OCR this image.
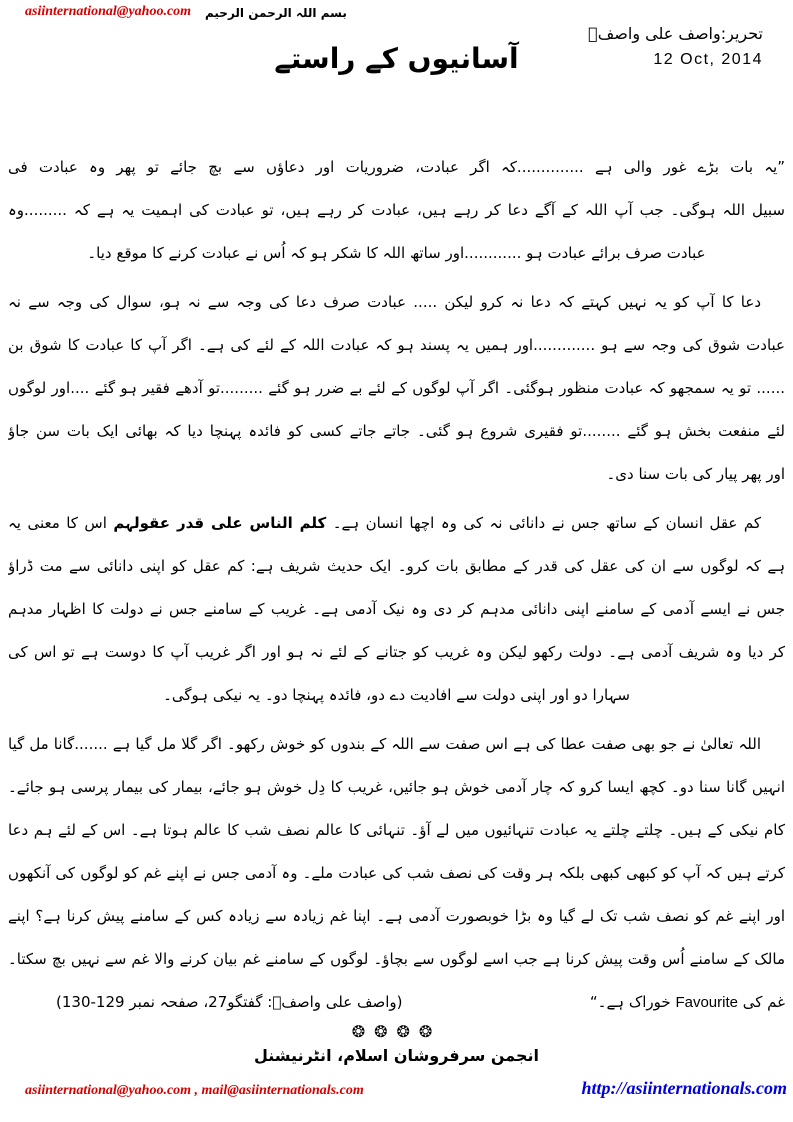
asiinternational@yahoo.com بسم اللہ الرحمن الرحیم
تحریر:واصف علی واصفؒ
12 Oct, 2014
آسانیوں کے راستے
”یہ بات بڑے غور والی ہے ..............کہ اگر عبادت، ضروریات اور دعاؤں سے بچ جائے تو پھر وہ عبادت فی
سبیل اللہ ہوگی۔ جب آپ اللہ کے آگے دعا کر رہے ہیں، عبادت کر رہے ہیں، تو عبادت کی اہمیت یہ ہے کہ .........وہ
عبادت صرف برائے عبادت ہو ............اور ساتھ اللہ کا شکر ہو کہ اُس نے عبادت کرنے کا موقع دیا۔
دعا کا آپ کو یہ نہیں کہتے کہ دعا نہ کرو لیکن ..... عبادت صرف دعا کی وجہ سے نہ ہو، سوال کی وجہ سے نہ
عبادت شوق کی وجہ سے ہو .............اور ہمیں یہ پسند ہو کہ عبادت اللہ کے لئے کی ہے۔ اگر آپ کا عبادت کا شوق بن
...... تو یہ سمجھو کہ عبادت منظور ہوگئی۔ اگر آپ لوگوں کے لئے بے ضرر ہو گئے .........تو آدھے فقیر ہو گئے ....اور لوگوں
لئے منفعت بخش ہو گئے ........تو فقیری شروع ہو گئی۔ جاتے جاتے کسی کو فائدہ پہنچا دیا کہ بھائی ایک بات سن جاؤ
اور پھر پیار کی بات سنا دی۔
کم عقل انسان کے ساتھ جس نے دانائی نہ کی وہ اچھا انسان ہے۔ کلم الناس علی قدر عقولہم اس کا معنی یہ
ہے کہ لوگوں سے ان کی عقل کی قدر کے مطابق بات کرو۔ ایک حدیث شریف ہے: کم عقل کو اپنی دانائی سے مت ڈراؤ
جس نے ایسے آدمی کے سامنے اپنی دانائی مدہم کر دی وہ نیک آدمی ہے۔ غریب کے سامنے جس نے دولت کا اظہار مدہم
کر دیا وہ شریف آدمی ہے۔ دولت رکھو لیکن وہ غریب کو جتانے کے لئے نہ ہو اور اگر غریب آپ کا دوست ہے تو اس کی
سہارا دو اور اپنی دولت سے افادیت دے دو، فائدہ پہنچا دو۔ یہ نیکی ہوگی۔
اللہ تعالیٰ نے جو بھی صفت عطا کی ہے اس صفت سے اللہ کے بندوں کو خوش رکھو۔ اگر گلا مل گیا ہے .......گانا مل گیا
انہیں گانا سنا دو۔ کچھ ایسا کرو کہ چار آدمی خوش ہو جائیں، غریب کا دِل خوش ہو جائے، بیمار کی بیمار پرسی ہو جائے۔
کام نیکی کے ہیں۔ چلتے چلتے یہ عبادت تنہائیوں میں لے آؤ۔ تنہائی کا عالم نصف شب کا عالم ہوتا ہے۔ اس کے لئے ہم دعا
کرتے ہیں کہ آپ کو کبھی کبھی بلکہ ہر وقت کی نصف شب کی عبادت ملے۔ وہ آدمی جس نے اپنے غم کو لوگوں کی آنکھوں
اور اپنے غم کو نصف شب تک لے گیا وہ بڑا خوبصورت آدمی ہے۔ اپنا غم زیادہ سے زیادہ کس کے سامنے پیش کرنا ہے؟ اپنے
مالک کے سامنے اُس وقت پیش کرنا ہے جب اسے لوگوں سے بچاؤ۔ لوگوں کے سامنے غم بیان کرنے والا غم سے نہیں بچ سکتا۔
غم کی Favourite خوراک ہے۔“
(واصف علی واصفؒ: گفتگو27، صفحہ نمبر 129-130)
❂❂❂❂
انجمن سرفروشان اسلام، انٹرنیشنل
asiinternational@yahoo.com , mail@asiinternationals.com	http://asiinternationals.com
